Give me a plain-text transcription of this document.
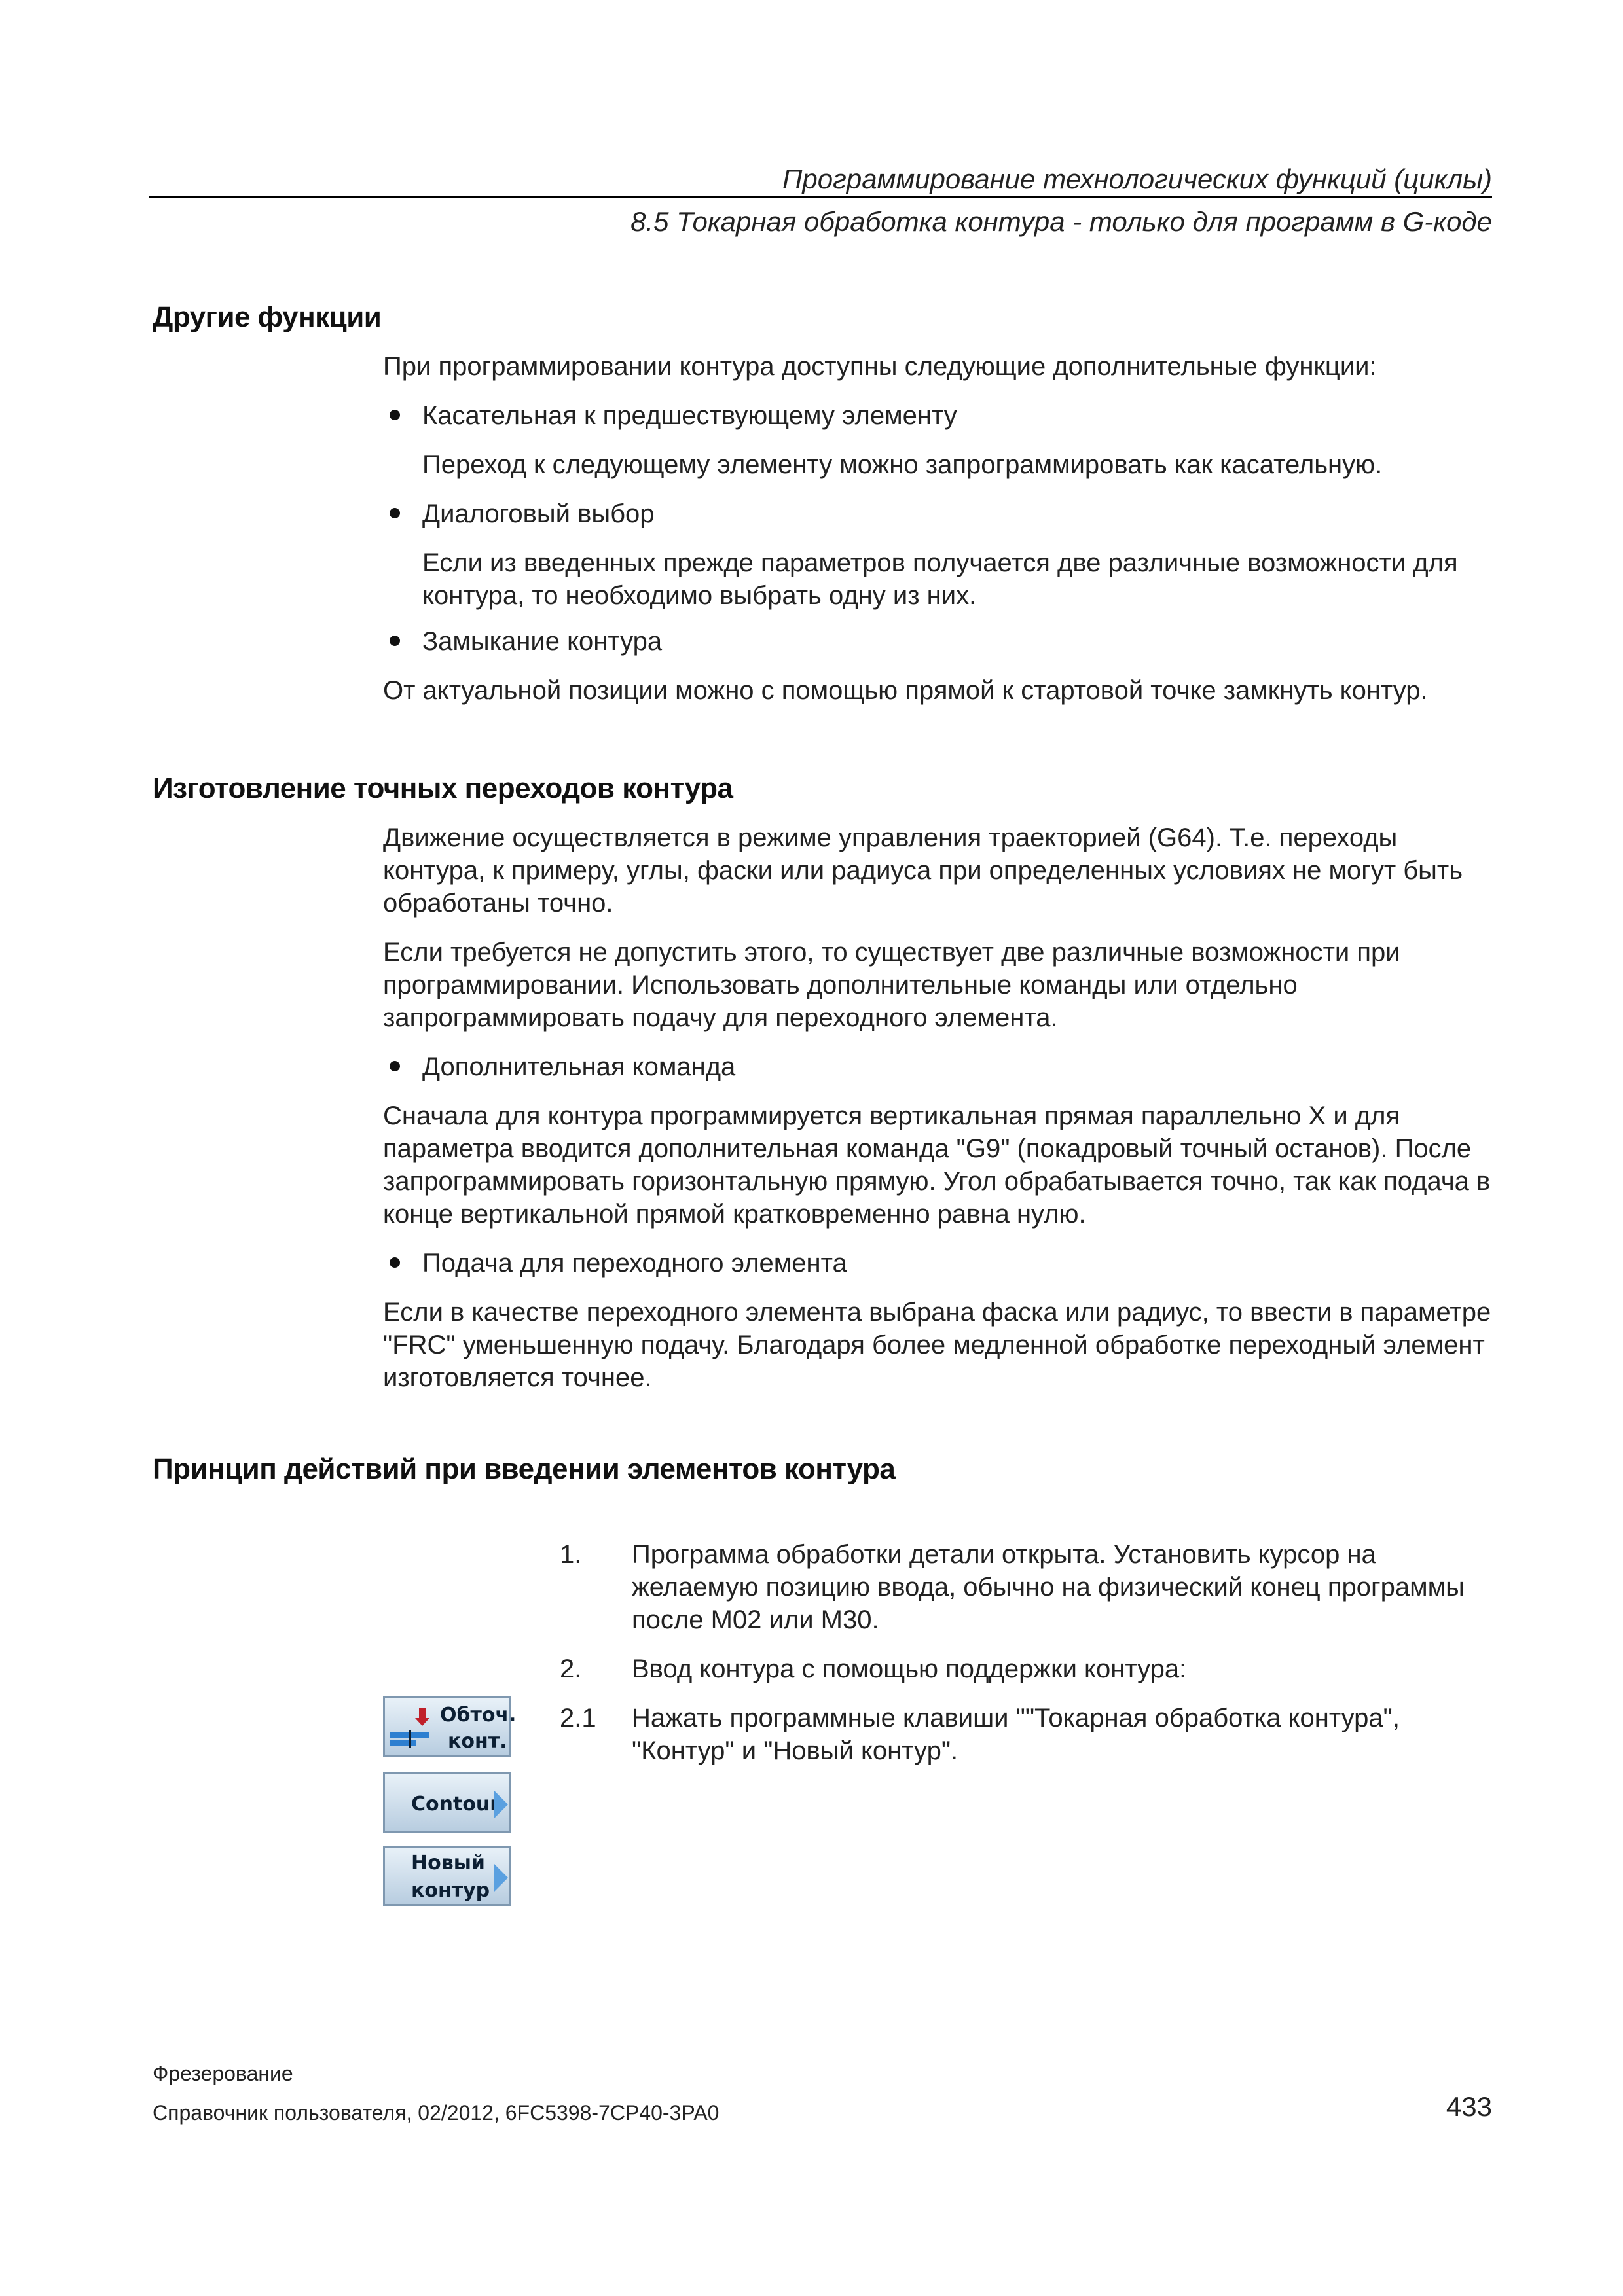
Программирование технологических функций (циклы)
8.5 Токарная обработка контура - только для программ в G-коде
Другие функции
При программировании контура доступны следующие дополнительные функции:
Касательная к предшествующему элементу
Переход к следующему элементу можно запрограммировать как касательную.
Диалоговый выбор
Если из введенных прежде параметров получается две различные возможности для контура, то необходимо выбрать одну из них.
Замыкание контура
От актуальной позиции можно с помощью прямой к стартовой точке замкнуть контур.
Изготовление точных переходов контура
Движение осуществляется в режиме управления траекторией (G64). Т.е. переходы контура, к примеру, углы, фаски или радиуса при определенных условиях не могут быть обработаны точно.
Если требуется не допустить этого, то существует две различные возможности при программировании. Использовать дополнительные команды или отдельно запрограммировать подачу для переходного элемента.
Дополнительная команда
Сначала для контура программируется вертикальная прямая параллельно X и для параметра вводится дополнительная команда "G9" (покадровый точный останов). После запрограммировать горизонтальную прямую. Угол обрабатывается точно, так как подача в конце вертикальной прямой кратковременно равна нулю.
Подача для переходного элемента
Если в качестве переходного элемента выбрана фаска или радиус, то ввести в параметре "FRC" уменьшенную подачу. Благодаря более медленной обработке переходный элемент изготовляется точнее.
Принцип действий при введении элементов контура
1. Программа обработки детали открыта. Установить курсор на желаемую позицию ввода, обычно на физический конец программы после M02 или M30.
2. Ввод контура с помощью поддержки контура:
2.1 Нажать программные клавиши ""Токарная обработка контура", "Контур" и "Новый контур".
Обточ.
конт.
Contour
Новый
контур
Фрезерование
Справочник пользователя, 02/2012, 6FC5398-7CP40-3PA0	433
